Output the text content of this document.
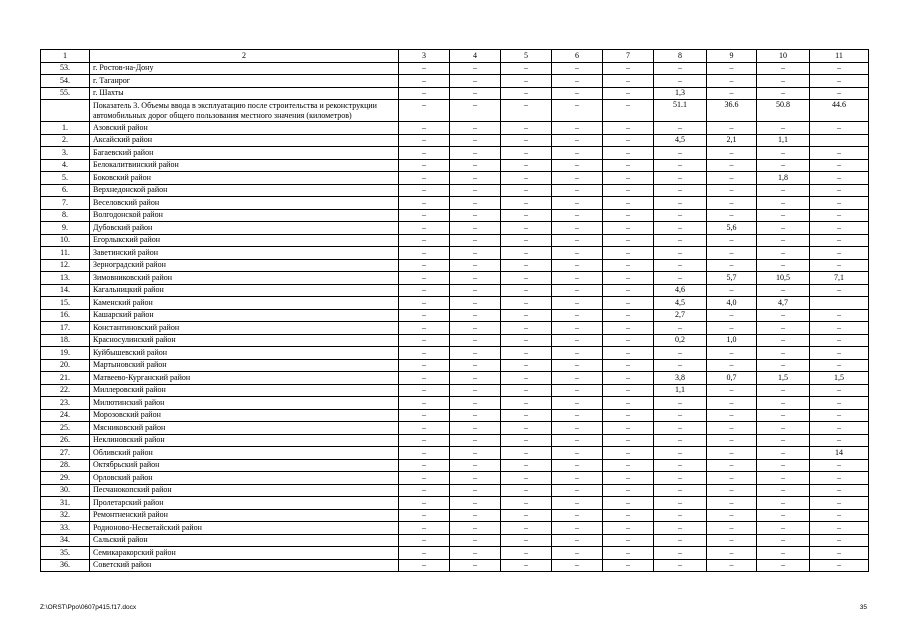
1	2	3	4	5	6	7	8	9	10	11
53.	г. Ростов-на-Дону	–	–	–	–	–	–	–	–	–
54.	г. Таганрог	–	–	–	–	–	–	–	–	–
55.	г. Шахты	–	–	–	–	–	1,3	–	–	–
	Показатель 3. Объемы ввода в эксплуатацию после строительства и реконструкции автомобильных дорог общего пользования местного значения (километров)	–	–	–	–	–	51.1	36.6	50.8	44.6
1.	Азовский район	–	–	–	–	–	–	–	–	–
2.	Аксайский район	–	–	–	–	–	4,5	2,1	1,1	
3.	Багаевский район	–	–	–	–	–	–	–	–	–
4.	Белокалитвинский район	–	–	–	–	–	–	–	–	–
5.	Боковский район	–	–	–	–	–	–	–	1,8	–
6.	Верхнедонской район	–	–	–	–	–	–	–	–	–
7.	Веселовский район	–	–	–	–	–	–	–	–	–
8.	Волгодонской район	–	–	–	–	–	–	–	–	–
9.	Дубовский район	–	–	–	–	–	–	5,6	–	–
10.	Егорлыкский район	–	–	–	–	–	–	–	–	–
11.	Заветинский район	–	–	–	–	–	–	–	–	–
12.	Зерноградский район	–	–	–	–	–	–	–	–	–
13.	Зимовниковский район	–	–	–	–	–	–	5,7	10,5	7,1
14.	Кагальницкий район	–	–	–	–	–	4,6	–	–	–
15.	Каменский район	–	–	–	–	–	4,5	4,0	4,7	
16.	Кашарский район	–	–	–	–	–	2,7	–	–	–
17.	Константиновский район	–	–	–	–	–	–	–	–	–
18.	Красносулинский район	–	–	–	–	–	0,2	1,0	–	–
19.	Куйбышевский район	–	–	–	–	–	–	–	–	–
20.	Мартыновский район	–	–	–	–	–	–	–	–	–
21.	Матвеево-Курганский район	–	–	–	–	–	3,8	0,7	1,5	1,5
22.	Миллеровский район	–	–	–	–	–	1,1	–	–	–
23.	Милютинский район	–	–	–	–	–	–	–	–	–
24.	Морозовский район	–	–	–	–	–	–	–	–	–
25.	Мясниковский район	–	–	–	–	–	–	–	–	–
26.	Неклиновский район	–	–	–	–	–	–	–	–	–
27.	Обливский район	–	–	–	–	–	–	–	–	14
28.	Октябрьский район	–	–	–	–	–	–	–	–	–
29.	Орловский район	–	–	–	–	–	–	–	–	–
30.	Песчанокопский район	–	–	–	–	–	–	–	–	–
31.	Пролетарский район	–	–	–	–	–	–	–	–	–
32.	Ремонтненский район	–	–	–	–	–	–	–	–	–
33.	Родионово-Несветайский район	–	–	–	–	–	–	–	–	–
34.	Сальский район	–	–	–	–	–	–	–	–	–
35.	Семикаракорский район	–	–	–	–	–	–	–	–	–
36.	Советский район	–	–	–	–	–	–	–	–	–
Z:\ORST\Ppo\0607p415.f17.docx	35
